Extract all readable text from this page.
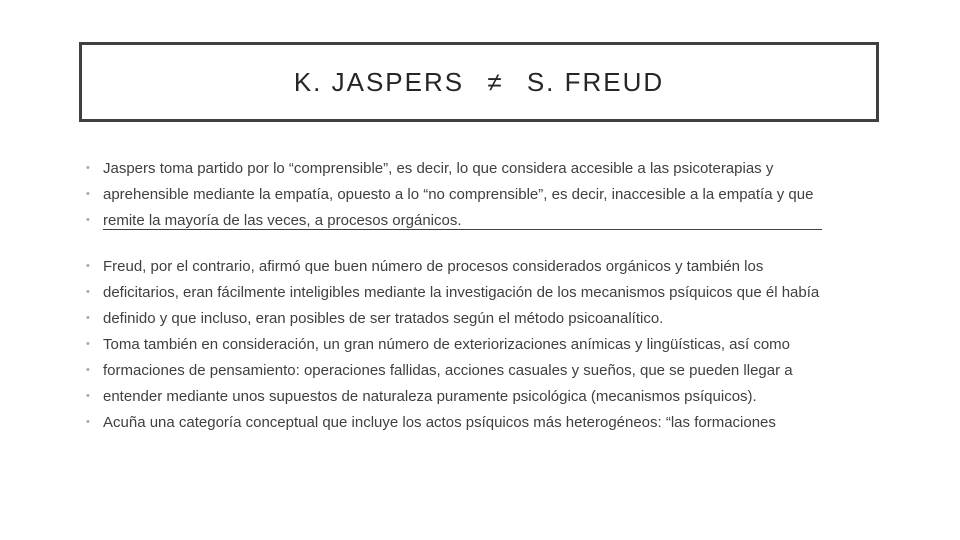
K. JASPERS ≠ S. FREUD
• Jaspers toma partido por lo “comprensible”, es decir, lo que considera accesible a las psicoterapias y
• aprehensible mediante la empatía, opuesto a lo “no comprensible”, es decir, inaccesible a la empatía y que
• remite la mayoría de las veces, a procesos orgánicos.
• Freud, por el contrario, afirmó que buen número de procesos considerados orgánicos y también los
• deficitarios, eran fácilmente inteligibles mediante la investigación de los mecanismos psíquicos que él había
• definido y que incluso, eran posibles de ser tratados según el método psicoanalítico.
• Toma también en consideración, un gran número de exteriorizaciones anímicas y lingüísticas, así como
• formaciones de pensamiento: operaciones fallidas, acciones casuales y sueños, que se pueden llegar a
• entender mediante unos supuestos de naturaleza puramente psicológica (mecanismos psíquicos).
• Acuña una categoría conceptual que incluye los actos psíquicos más heterogéneos: “las formaciones
